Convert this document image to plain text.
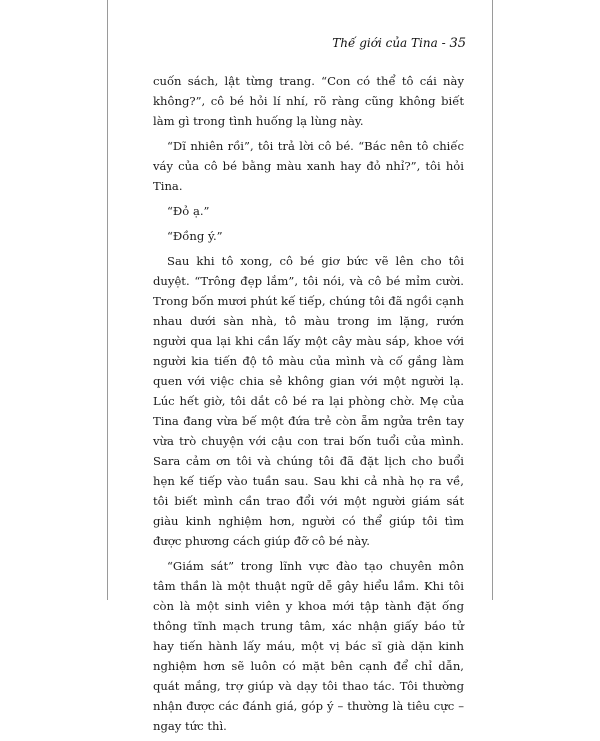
Thế giới của Tina - 35

cuốn sách, lật từng trang. “Con có thể tô cái này không?”, cô bé hỏi lí nhí, rõ ràng cũng không biết làm gì trong tình huống lạ lùng này.

“Dĩ nhiên rồi”, tôi trả lời cô bé. “Bác nên tô chiếc váy của cô bé bằng màu xanh hay đỏ nhỉ?”, tôi hỏi Tina.

“Đỏ ạ.”

“Đồng ý.”

Sau khi tô xong, cô bé giơ bức vẽ lên cho tôi duyệt. “Trông đẹp lắm”, tôi nói, và cô bé mỉm cười. Trong bốn mươi phút kế tiếp, chúng tôi đã ngồi cạnh nhau dưới sàn nhà, tô màu trong im lặng, rướn người qua lại khi cần lấy một cây màu sáp, khoe với người kia tiến độ tô màu của mình và cố gắng làm quen với việc chia sẻ không gian với một người lạ. Lúc hết giờ, tôi dắt cô bé ra lại phòng chờ. Mẹ của Tina đang vừa bế một đứa trẻ còn ẵm ngửa trên tay vừa trò chuyện với cậu con trai bốn tuổi của mình. Sara cảm ơn tôi và chúng tôi đã đặt lịch cho buổi hẹn kế tiếp vào tuần sau. Sau khi cả nhà họ ra về, tôi biết mình cần trao đổi với một người giám sát giàu kinh nghiệm hơn, người có thể giúp tôi tìm được phương cách giúp đỡ cô bé này.

“Giám sát” trong lĩnh vực đào tạo chuyên môn tâm thần là một thuật ngữ dễ gây hiểu lầm. Khi tôi còn là một sinh viên y khoa mới tập tành đặt ống thông tĩnh mạch trung tâm, xác nhận giấy báo tử hay tiến hành lấy máu, một vị bác sĩ già dặn kinh nghiệm hơn sẽ luôn có mặt bên cạnh để chỉ dẫn, quát mắng, trợ giúp và dạy tôi thao tác. Tôi thường nhận được các đánh giá, góp ý – thường là tiêu cực – ngay tức thì.
